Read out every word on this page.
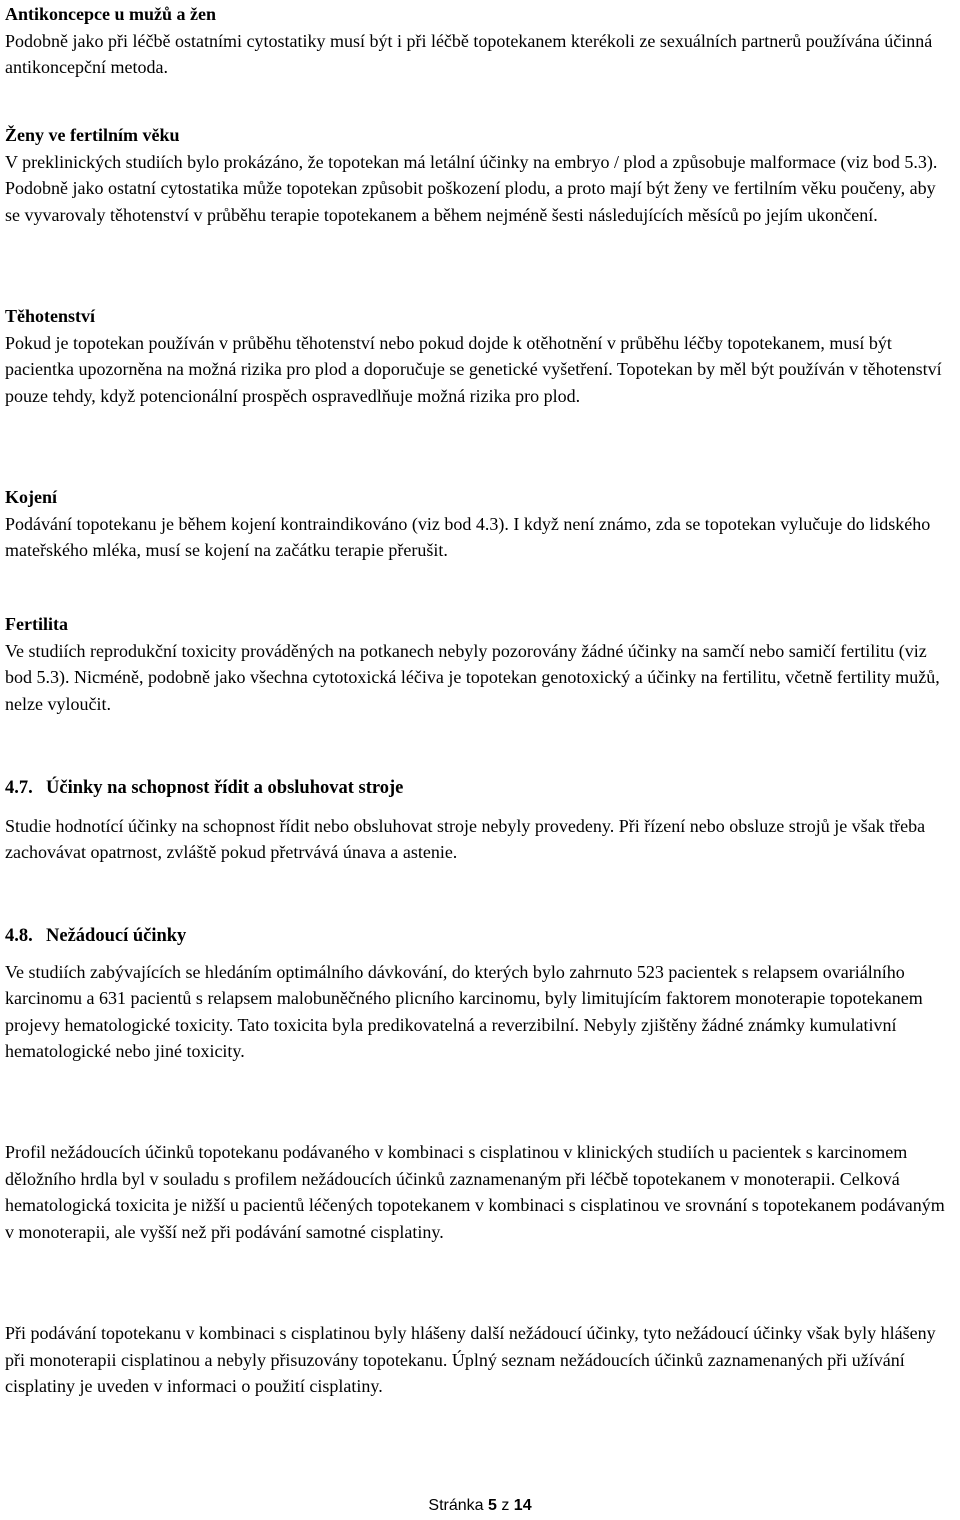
Antikoncepce u mužů a žen

Podobně jako při léčbě ostatními cytostatiky musí být i při léčbě topotekanem kterékoli ze sexuálních partnerů používána účinná antikoncepční metoda.

Ženy ve fertilním věku

V preklinických studiích bylo prokázáno, že topotekan má letální účinky na embryo / plod a způsobuje malformace (viz bod 5.3). Podobně jako ostatní cytostatika může topotekan způsobit poškození plodu, a proto mají být ženy ve fertilním věku poučeny, aby se vyvarovaly těhotenství v průběhu terapie topotekanem a během nejméně šesti následujících měsíců po jejím ukončení.

Těhotenství

Pokud je topotekan používán v průběhu těhotenství nebo pokud dojde k otěhotnění v průběhu léčby topotekanem, musí být pacientka upozorněna na možná rizika pro plod a doporučuje se genetické vyšetření. Topotekan by měl být používán v těhotenství pouze tehdy, když potencionální prospěch ospravedlňuje možná rizika pro plod.

Kojení

Podávání topotekanu je během kojení kontraindikováno (viz bod 4.3). I když není známo, zda se topotekan vylučuje do lidského mateřského mléka, musí se kojení na začátku terapie přerušit.

Fertilita

Ve studiích reprodukční toxicity prováděných na potkanech nebyly pozorovány žádné účinky na samčí nebo samičí fertilitu (viz bod 5.3). Nicméně, podobně jako všechna cytotoxická léčiva je topotekan genotoxický a účinky na fertilitu, včetně fertility mužů, nelze vyloučit.

4.7. Účinky na schopnost řídit a obsluhovat stroje

Studie hodnotící účinky na schopnost řídit nebo obsluhovat stroje nebyly provedeny. Při řízení nebo obsluze strojů je však třeba zachovávat opatrnost, zvláště pokud přetrvává únava a astenie.

4.8. Nežádoucí účinky

Ve studiích zabývajících se hledáním optimálního dávkování, do kterých bylo zahrnuto 523 pacientek s relapsem ovariálního karcinomu a 631 pacientů s relapsem malobuněčného plicního karcinomu, byly limitujícím faktorem monoterapie topotekanem projevy hematologické toxicity. Tato toxicita byla predikovatelná a reverzibilní. Nebyly zjištěny žádné známky kumulativní hematologické nebo jiné toxicity.

Profil nežádoucích účinků topotekanu podávaného v kombinaci s cisplatinou v klinických studiích u pacientek s karcinomem děložního hrdla byl v souladu s profilem nežádoucích účinků zaznamenaným při léčbě topotekanem v monoterapii. Celková hematologická toxicita je nižší u pacientů léčených topotekanem v kombinaci s cisplatinou ve srovnání s topotekanem podávaným v monoterapii, ale vyšší než při podávání samotné cisplatiny.

Při podávání topotekanu v kombinaci s cisplatinou byly hlášeny další nežádoucí účinky, tyto nežádoucí účinky však byly hlášeny při monoterapii cisplatinou a nebyly přisuzovány topotekanu. Úplný seznam nežádoucích účinků zaznamenaných při užívání cisplatiny je uveden v informaci o použití cisplatiny.

Stránka 5 z 14
